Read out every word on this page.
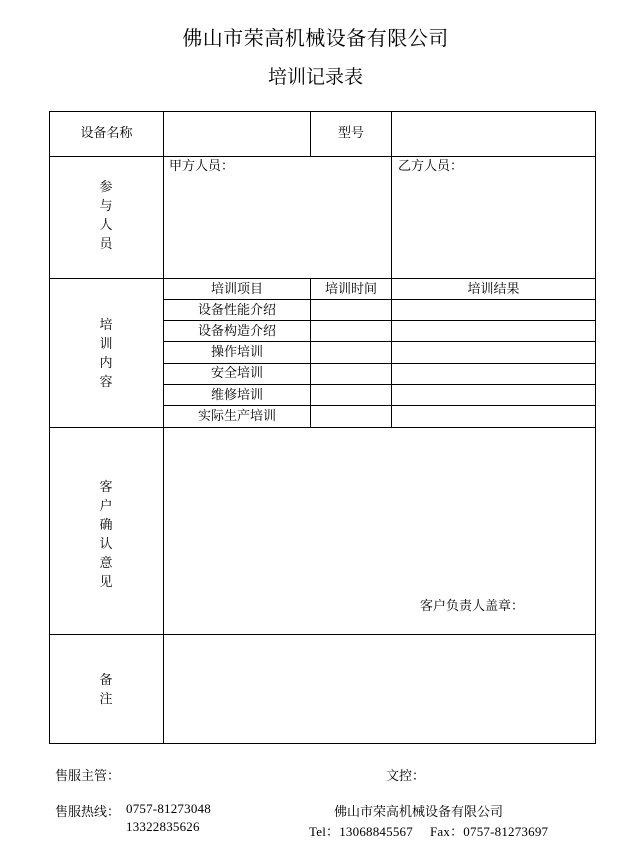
佛山市荣高机械设备有限公司
培训记录表
设备名称	型号
参
与
人
员
甲方人员：	乙方人员：
培
训
内
容
培训项目	培训时间	培训结果
设备性能介绍
设备构造介绍
操作培训
安全培训
维修培训
实际生产培训
客
户
确
认
意
见
客户负责人盖章：
备
注
售服主管：	文控：
售服热线： 0757-81273048
13322835626
佛山市荣高机械设备有限公司
Tel：13068845567 Fax：0757-81273697
